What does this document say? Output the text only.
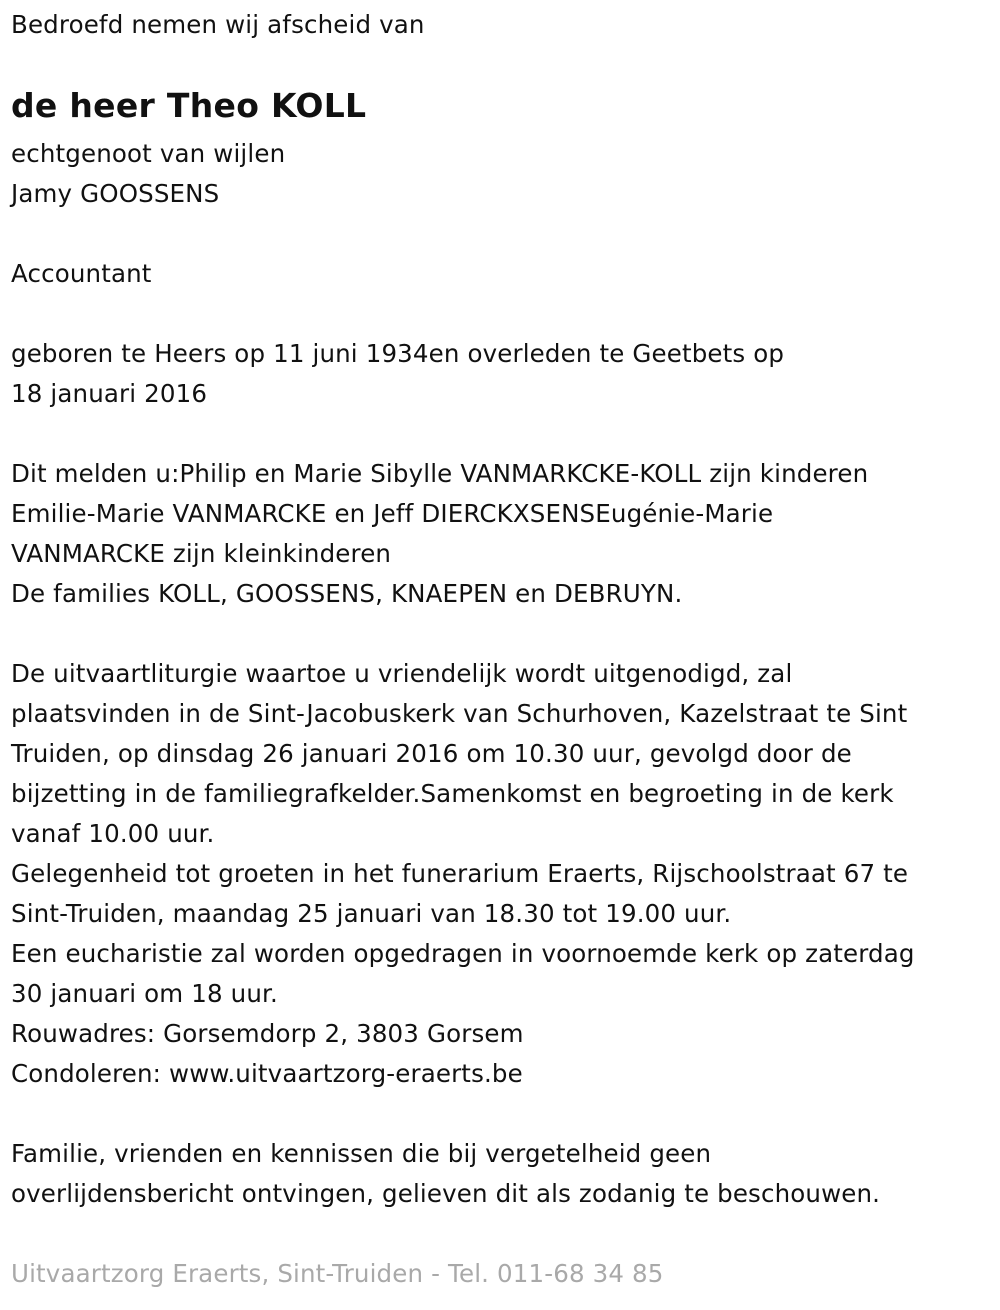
Bedroefd nemen wij afscheid van
de heer Theo KOLL
echtgenoot van wijlen
Jamy GOOSSENS
Accountant
geboren te Heers op 11 juni 1934en overleden te Geetbets op
18 januari 2016
Dit melden u:Philip en Marie Sibylle VANMARKCKE-KOLL zijn kinderen
Emilie-Marie VANMARCKE en Jeff DIERCKXSENSEugénie-Marie
VANMARCKE zijn kleinkinderen
De families KOLL, GOOSSENS, KNAEPEN en DEBRUYN.
De uitvaartliturgie waartoe u vriendelijk wordt uitgenodigd, zal
plaatsvinden in de Sint-Jacobuskerk van Schurhoven, Kazelstraat te Sint
Truiden, op dinsdag 26 januari 2016 om 10.30 uur, gevolgd door de
bijzetting in de familiegrafkelder.Samenkomst en begroeting in de kerk
vanaf 10.00 uur.
Gelegenheid tot groeten in het funerarium Eraerts, Rijschoolstraat 67 te
Sint-Truiden, maandag 25 januari van 18.30 tot 19.00 uur.
Een eucharistie zal worden opgedragen in voornoemde kerk op zaterdag
30 januari om 18 uur.
Rouwadres: Gorsemdorp 2, 3803 Gorsem
Condoleren: www.uitvaartzorg-eraerts.be
Familie, vrienden en kennissen die bij vergetelheid geen
overlijdensbericht ontvingen, gelieven dit als zodanig te beschouwen.
Uitvaartzorg Eraerts, Sint-Truiden - Tel. 011-68 34 85
